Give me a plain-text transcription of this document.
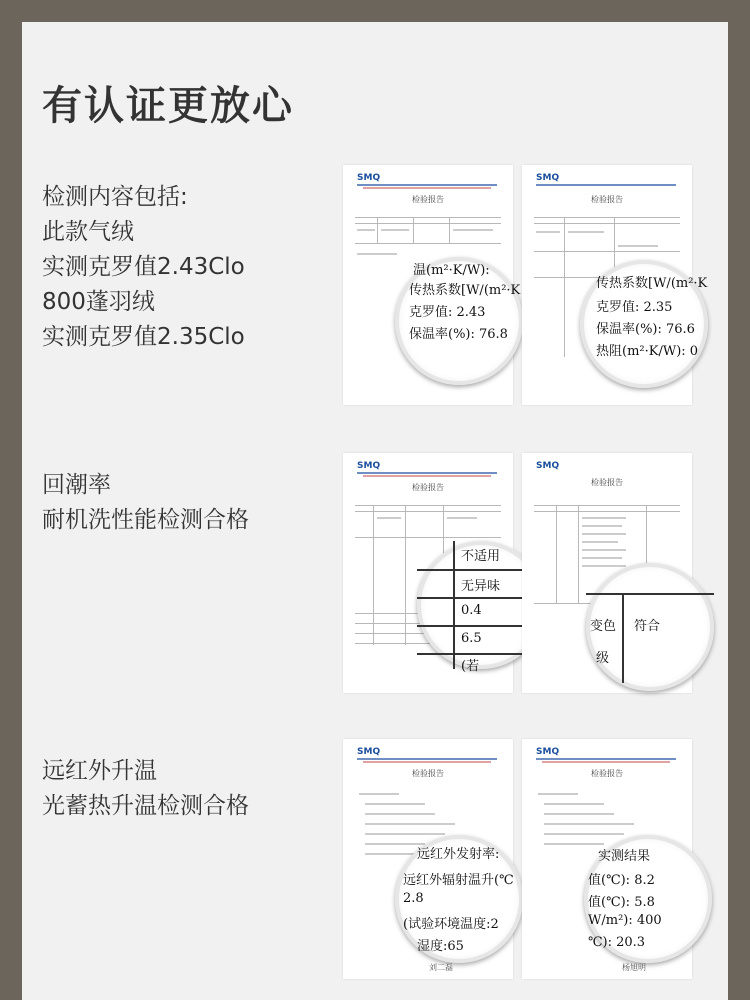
有认证更放心
检测内容包括:
此款气绒
实测克罗值2.43Clo
800蓬羽绒
实测克罗值2.35Clo
回潮率
耐机洗性能检测合格
远红外升温
光蓄热升温检测合格
SMQ
检验报告
温(m²·K/W):
传热系数[W/(m²·K
克罗值: 2.43
保温率(%): 76.8
SMQ
检验报告
传热系数[W/(m²·K
克罗值: 2.35
保温率(%): 76.6
热阻(m²·K/W): 0
SMQ
检验报告
不适用
无异味
0.4
6.5
(若
SMQ
检验报告
变色 符合
级
SMQ
检验报告
远红外发射率:
远红外辐射温升(℃
2.8
(试验环境温度:2
湿度:65
刘二磊
SMQ
检验报告
实测结果
值(℃): 8.2
值(℃): 5.8
W/m²): 400
℃): 20.3
杨旭明
